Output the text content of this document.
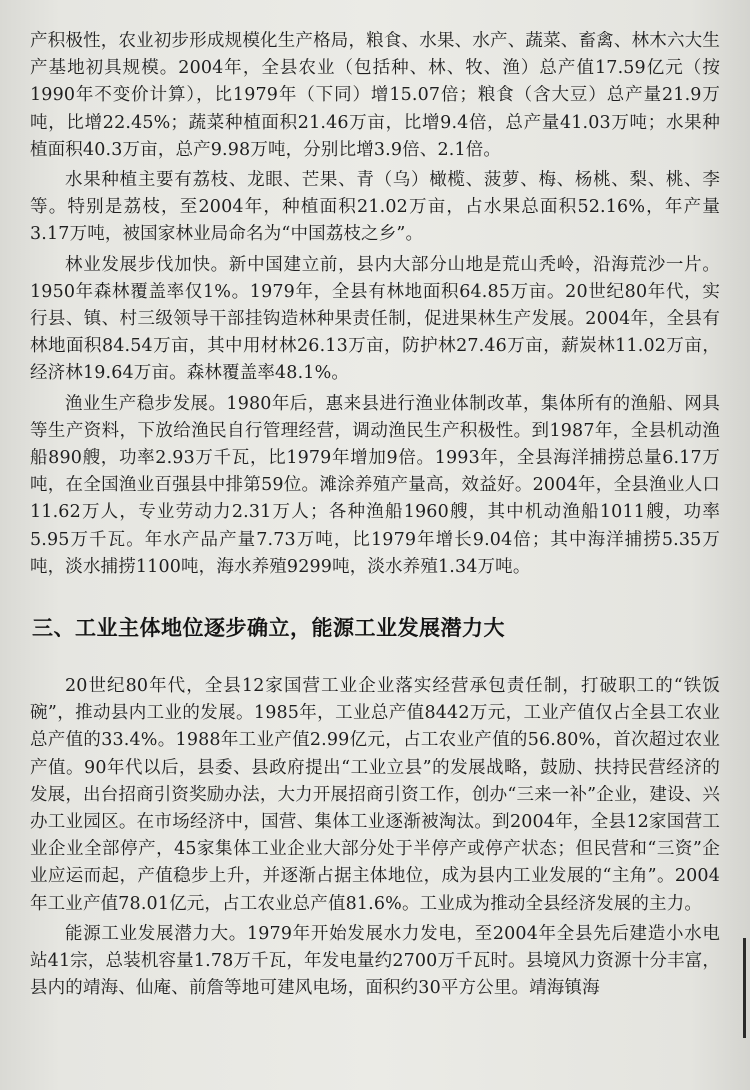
产积极性，农业初步形成规模化生产格局，粮食、水果、水产、蔬菜、畜禽、林木六大生产基地初具规模。2004年，全县农业（包括种、林、牧、渔）总产值17.59亿元（按1990年不变价计算），比1979年（下同）增15.07倍；粮食（含大豆）总产量21.9万吨，比增22.45%；蔬菜种植面积21.46万亩，比增9.4倍，总产量41.03万吨；水果种植面积40.3万亩，总产9.98万吨，分别比增3.9倍、2.1倍。

水果种植主要有荔枝、龙眼、芒果、青（乌）橄榄、菠萝、梅、杨桃、梨、桃、李等。特别是荔枝，至2004年，种植面积21.02万亩，占水果总面积52.16%，年产量3.17万吨，被国家林业局命名为“中国荔枝之乡”。

林业发展步伐加快。新中国建立前，县内大部分山地是荒山秃岭，沿海荒沙一片。1950年森林覆盖率仅1%。1979年，全县有林地面积64.85万亩。20世纪80年代，实行县、镇、村三级领导干部挂钩造林种果责任制，促进果林生产发展。2004年，全县有林地面积84.54万亩，其中用材林26.13万亩，防护林27.46万亩，薪炭林11.02万亩，经济林19.64万亩。森林覆盖率48.1%。

渔业生产稳步发展。1980年后，惠来县进行渔业体制改革，集体所有的渔船、网具等生产资料，下放给渔民自行管理经营，调动渔民生产积极性。到1987年，全县机动渔船890艘，功率2.93万千瓦，比1979年增加9倍。1993年，全县海洋捕捞总量6.17万吨，在全国渔业百强县中排第59位。滩涂养殖产量高，效益好。2004年，全县渔业人口11.62万人，专业劳动力2.31万人；各种渔船1960艘，其中机动渔船1011艘，功率5.95万千瓦。年水产品产量7.73万吨，比1979年增长9.04倍；其中海洋捕捞5.35万吨，淡水捕捞1100吨，海水养殖9299吨，淡水养殖1.34万吨。

三、工业主体地位逐步确立，能源工业发展潜力大

20世纪80年代，全县12家国营工业企业落实经营承包责任制，打破职工的“铁饭碗”，推动县内工业的发展。1985年，工业总产值8442万元，工业产值仅占全县工农业总产值的33.4%。1988年工业产值2.99亿元，占工农业产值的56.80%，首次超过农业产值。90年代以后，县委、县政府提出“工业立县”的发展战略，鼓励、扶持民营经济的发展，出台招商引资奖励办法，大力开展招商引资工作，创办“三来一补”企业，建设、兴办工业园区。在市场经济中，国营、集体工业逐渐被淘汰。到2004年，全县12家国营工业企业全部停产，45家集体工业企业大部分处于半停产或停产状态；但民营和“三资”企业应运而起，产值稳步上升，并逐渐占据主体地位，成为县内工业发展的“主角”。2004年工业产值78.01亿元，占工农业总产值81.6%。工业成为推动全县经济发展的主力。

能源工业发展潜力大。1979年开始发展水力发电，至2004年全县先后建造小水电站41宗，总装机容量1.78万千瓦，年发电量约2700万千瓦时。县境风力资源十分丰富，县内的靖海、仙庵、前詹等地可建风电场，面积约30平方公里。靖海镇海
